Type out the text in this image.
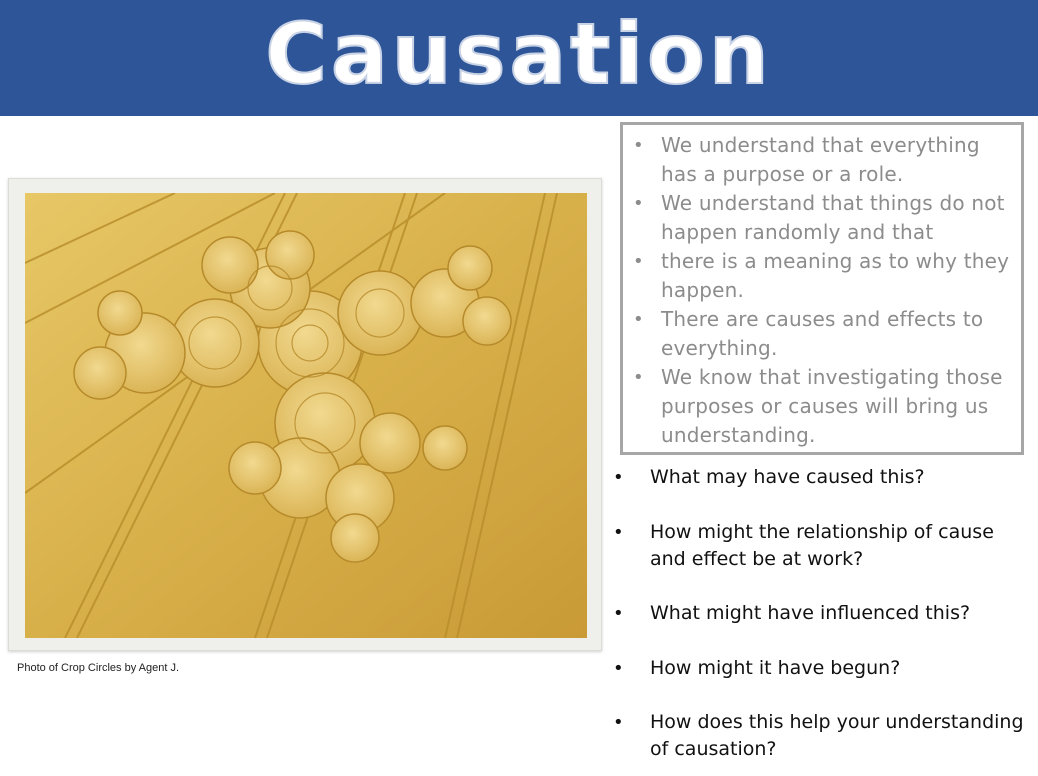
Causation
Photo of Crop Circles by Agent J.
• We understand that everything has a purpose or a role.
• We understand that things do not happen randomly and that
• there is a meaning as to why they happen.
• There are causes and effects to everything.
• We know that investigating those purposes or causes will bring us understanding.
• What may have caused this?
• How might the relationship of cause and effect be at work?
• What might have influenced this?
• How might it have begun?
• How does this help your understanding of causation?
